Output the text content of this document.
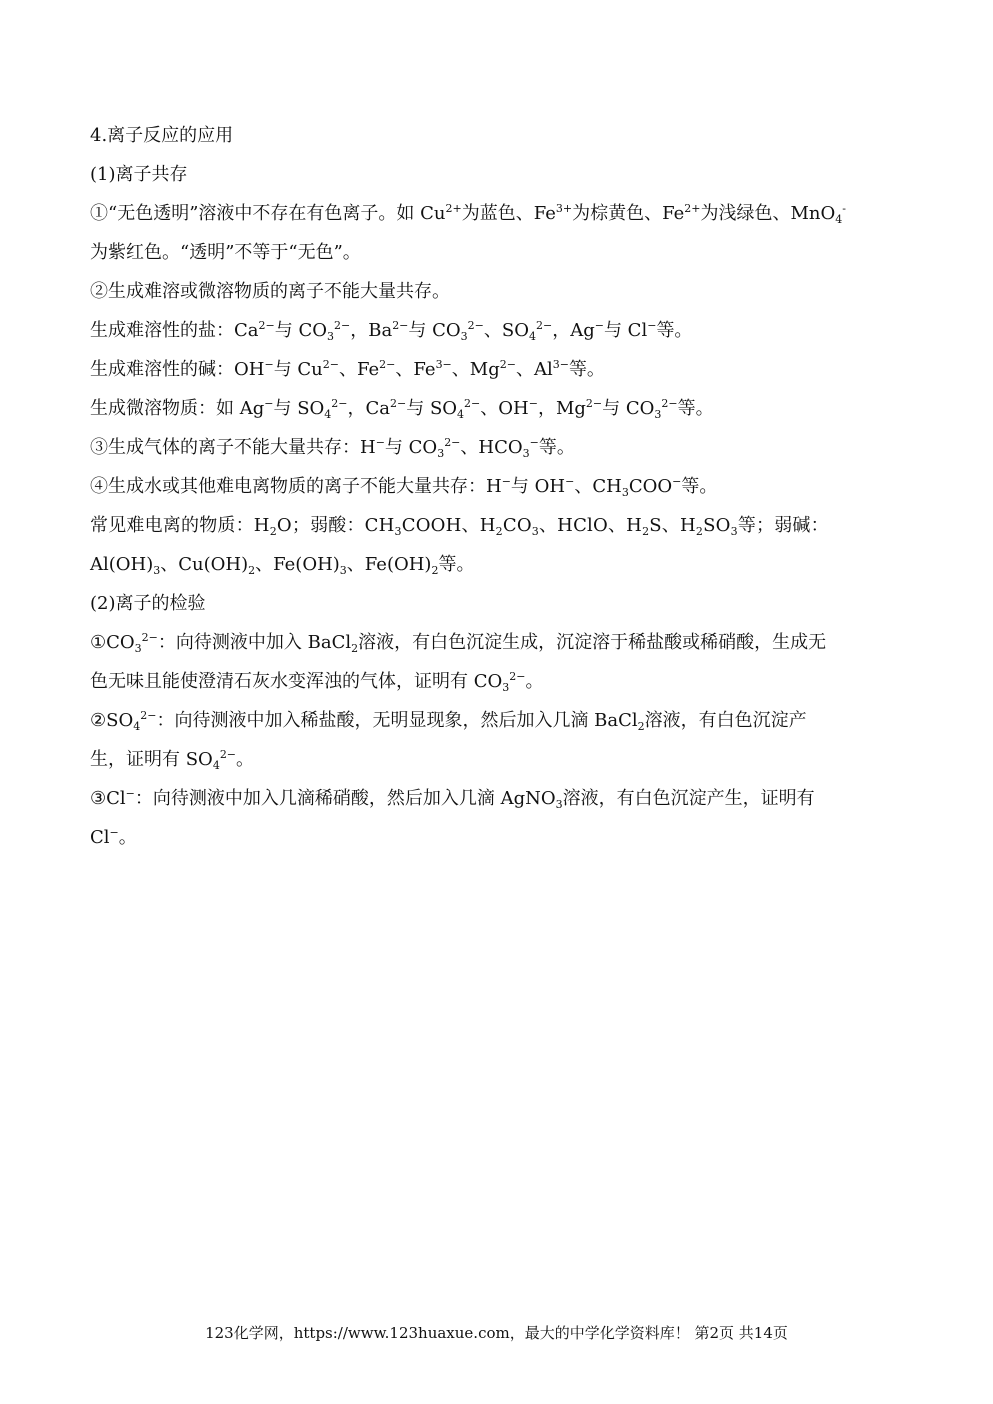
4.离子反应的应用
(1)离子共存
①“无色透明”溶液中不存在有色离子。如 $Cu^{2+}$为蓝色、$Fe^{3+}$为棕黄色、$Fe^{2+}$为浅绿色、MnO$_4$-
为紫红色。“透明”不等于“无色”。
②生成难溶或微溶物质的离子不能大量共存。
生成难溶性的盐：$Ca^{2-}$与 $CO_3^{2-}$，$Ba^{2-}$与 $CO_3^{2-}$、$SO_4^{2-}$，Ag−与 Cl−等。
生成难溶性的碱：OH−与 $Cu^{2-}$、$Fe^{2-}$、$Fe^{3-}$、$Mg^{2-}$、$Al^{3-}$等。
生成微溶物质：如 Ag−与 $SO_4^{2-}$，$Ca^{2-}$与 $SO_4^{2-}$、OH−，$Mg^{2-}$与 $CO_3^{2-}$等。
③生成气体的离子不能大量共存：H−与 $CO_3^{2-}$、$HCO_3^-$等。
④生成水或其他难电离物质的离子不能大量共存：H−与 OH−、$CH_3COO^-$等。
常见难电离的物质：$H_2O$；弱酸：$CH_3COOH$、$H_2CO_3$、HClO、$H_2S$、$H_2SO_3$等；弱碱：
$Al(OH)_3$、$Cu(OH)_2$、$Fe(OH)_3$、$Fe(OH)_2$等。
(2)离子的检验
$①CO_3^{2-}$：向待测液中加入 BaCl$_2$溶液，有白色沉淀生成，沉淀溶于稀盐酸或稀硝酸，生成无
色无味且能使澄清石灰水变浑浊的气体，证明有 $CO_3^{2-}$。
$②SO_4^{2-}$：向待测液中加入稀盐酸，无明显现象，然后加入几滴 BaCl$_2$溶液，有白色沉淀产
生，证明有 $SO_4^{2-}$。
③Cl−：向待测液中加入几滴稀硝酸，然后加入几滴 AgNO$_3$溶液，有白色沉淀产生，证明有
Cl−。
123化学网，https://www.123huaxue.com，最大的中学化学资料库！ 第2页 共14页
